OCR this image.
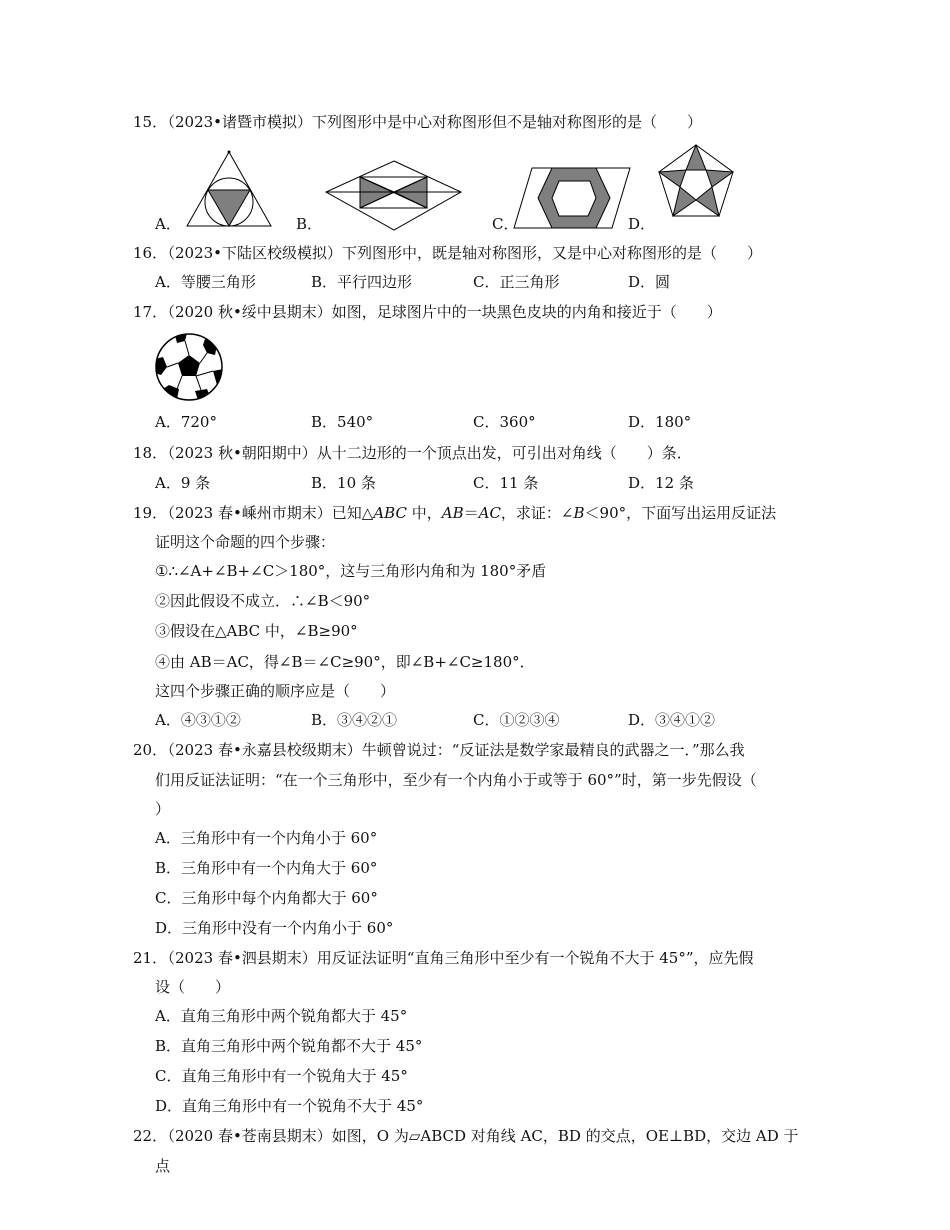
15．
（2023•诸暨市模拟）下列图形中是中心对称图形但不是轴对称图形的是（　　）
A．	B．	C．	D．
16．
（2023•下陆区校级模拟）下列图形中，既是轴对称图形，又是中心对称图形的是（　　）
A．等腰三角形	B．平行四边形	C．正三角形	D．圆
17．
（2020 秋•绥中县期末）如图，足球图片中的一块黑色皮块的内角和接近于（　　）
A．720°	B．540°	C．360°	D．180°
18．
（2023 秋•朝阳期中）从十二边形的一个顶点出发，可引出对角线（　　）条．
A．9 条	B．10 条	C．11 条	D．12 条
19．
（2023 春•嵊州市期末）已知△ABC 中，AB＝AC，求证：∠B＜90°，下面写出运用反证法
证明这个命题的四个步骤：
①∴∠A+∠B+∠C＞180°，这与三角形内角和为 180°矛盾
②因此假设不成立．∴∠B＜90°
③假设在△ABC 中，∠B≥90°
④由 AB＝AC，得∠B＝∠C≥90°，即∠B+∠C≥180°．
这四个步骤正确的顺序应是（　　）
A．④③①②	B．③④②①	C．①②③④	D．③④①②
20．
（2023 春•永嘉县校级期末）牛顿曾说过：“反证法是数学家最精良的武器之一．”那么我
们用反证法证明：“在一个三角形中，至少有一个内角小于或等于 60°”时，第一步先假设（
）
A．三角形中有一个内角小于 60°
B．三角形中有一个内角大于 60°
C．三角形中每个内角都大于 60°
D．三角形中没有一个内角小于 60°
21．
（2023 春•泗县期末）用反证法证明“直角三角形中至少有一个锐角不大于 45°”，应先假
设（　　）
A．直角三角形中两个锐角都大于 45°
B．直角三角形中两个锐角都不大于 45°
C．直角三角形中有一个锐角大于 45°
D．直角三角形中有一个锐角不大于 45°
22．
（2020 春•苍南县期末）如图，O 为▱ABCD 对角线 AC，BD 的交点，OE⊥BD，交边 AD 于
点
